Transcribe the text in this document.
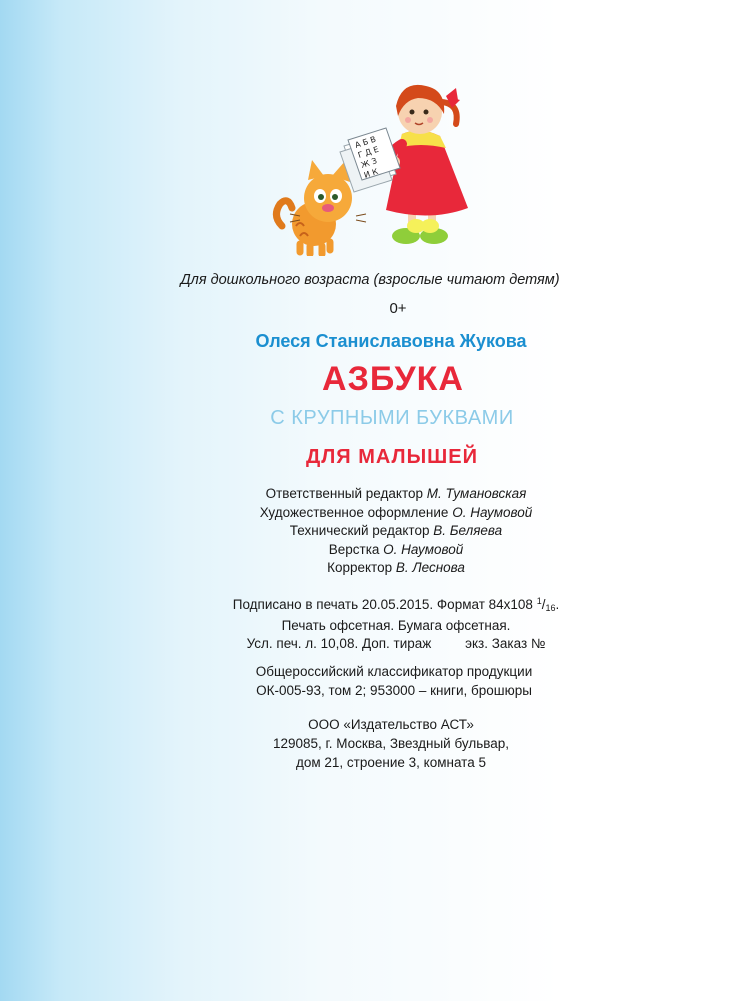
А Б В
Г Д Е
Ж З
И К
Для дошкольного возраста (взрослые читают детям)
0+
Олеся Станиславовна Жукова
АЗБУКА
С КРУПНЫМИ БУКВАМИ
ДЛЯ МАЛЫШЕЙ
Ответственный редактор М. Тумановская
Художественное оформление О. Наумовой
Технический редактор В. Беляева
Верстка О. Наумовой
Корректор В. Леснова
Подписано в печать 20.05.2015. Формат 84x108 $^1/_{16}$.
Печать офсетная. Бумага офсетная.
Усл. печ. л. 10,08. Доп. тираж	экз. Заказ №
Общероссийский классификатор продукции
ОК-005-93, том 2; 953000 – книги, брошюры
ООО «Издательство АСТ»
129085, г. Москва, Звездный бульвар,
дом 21, строение 3, комната 5
